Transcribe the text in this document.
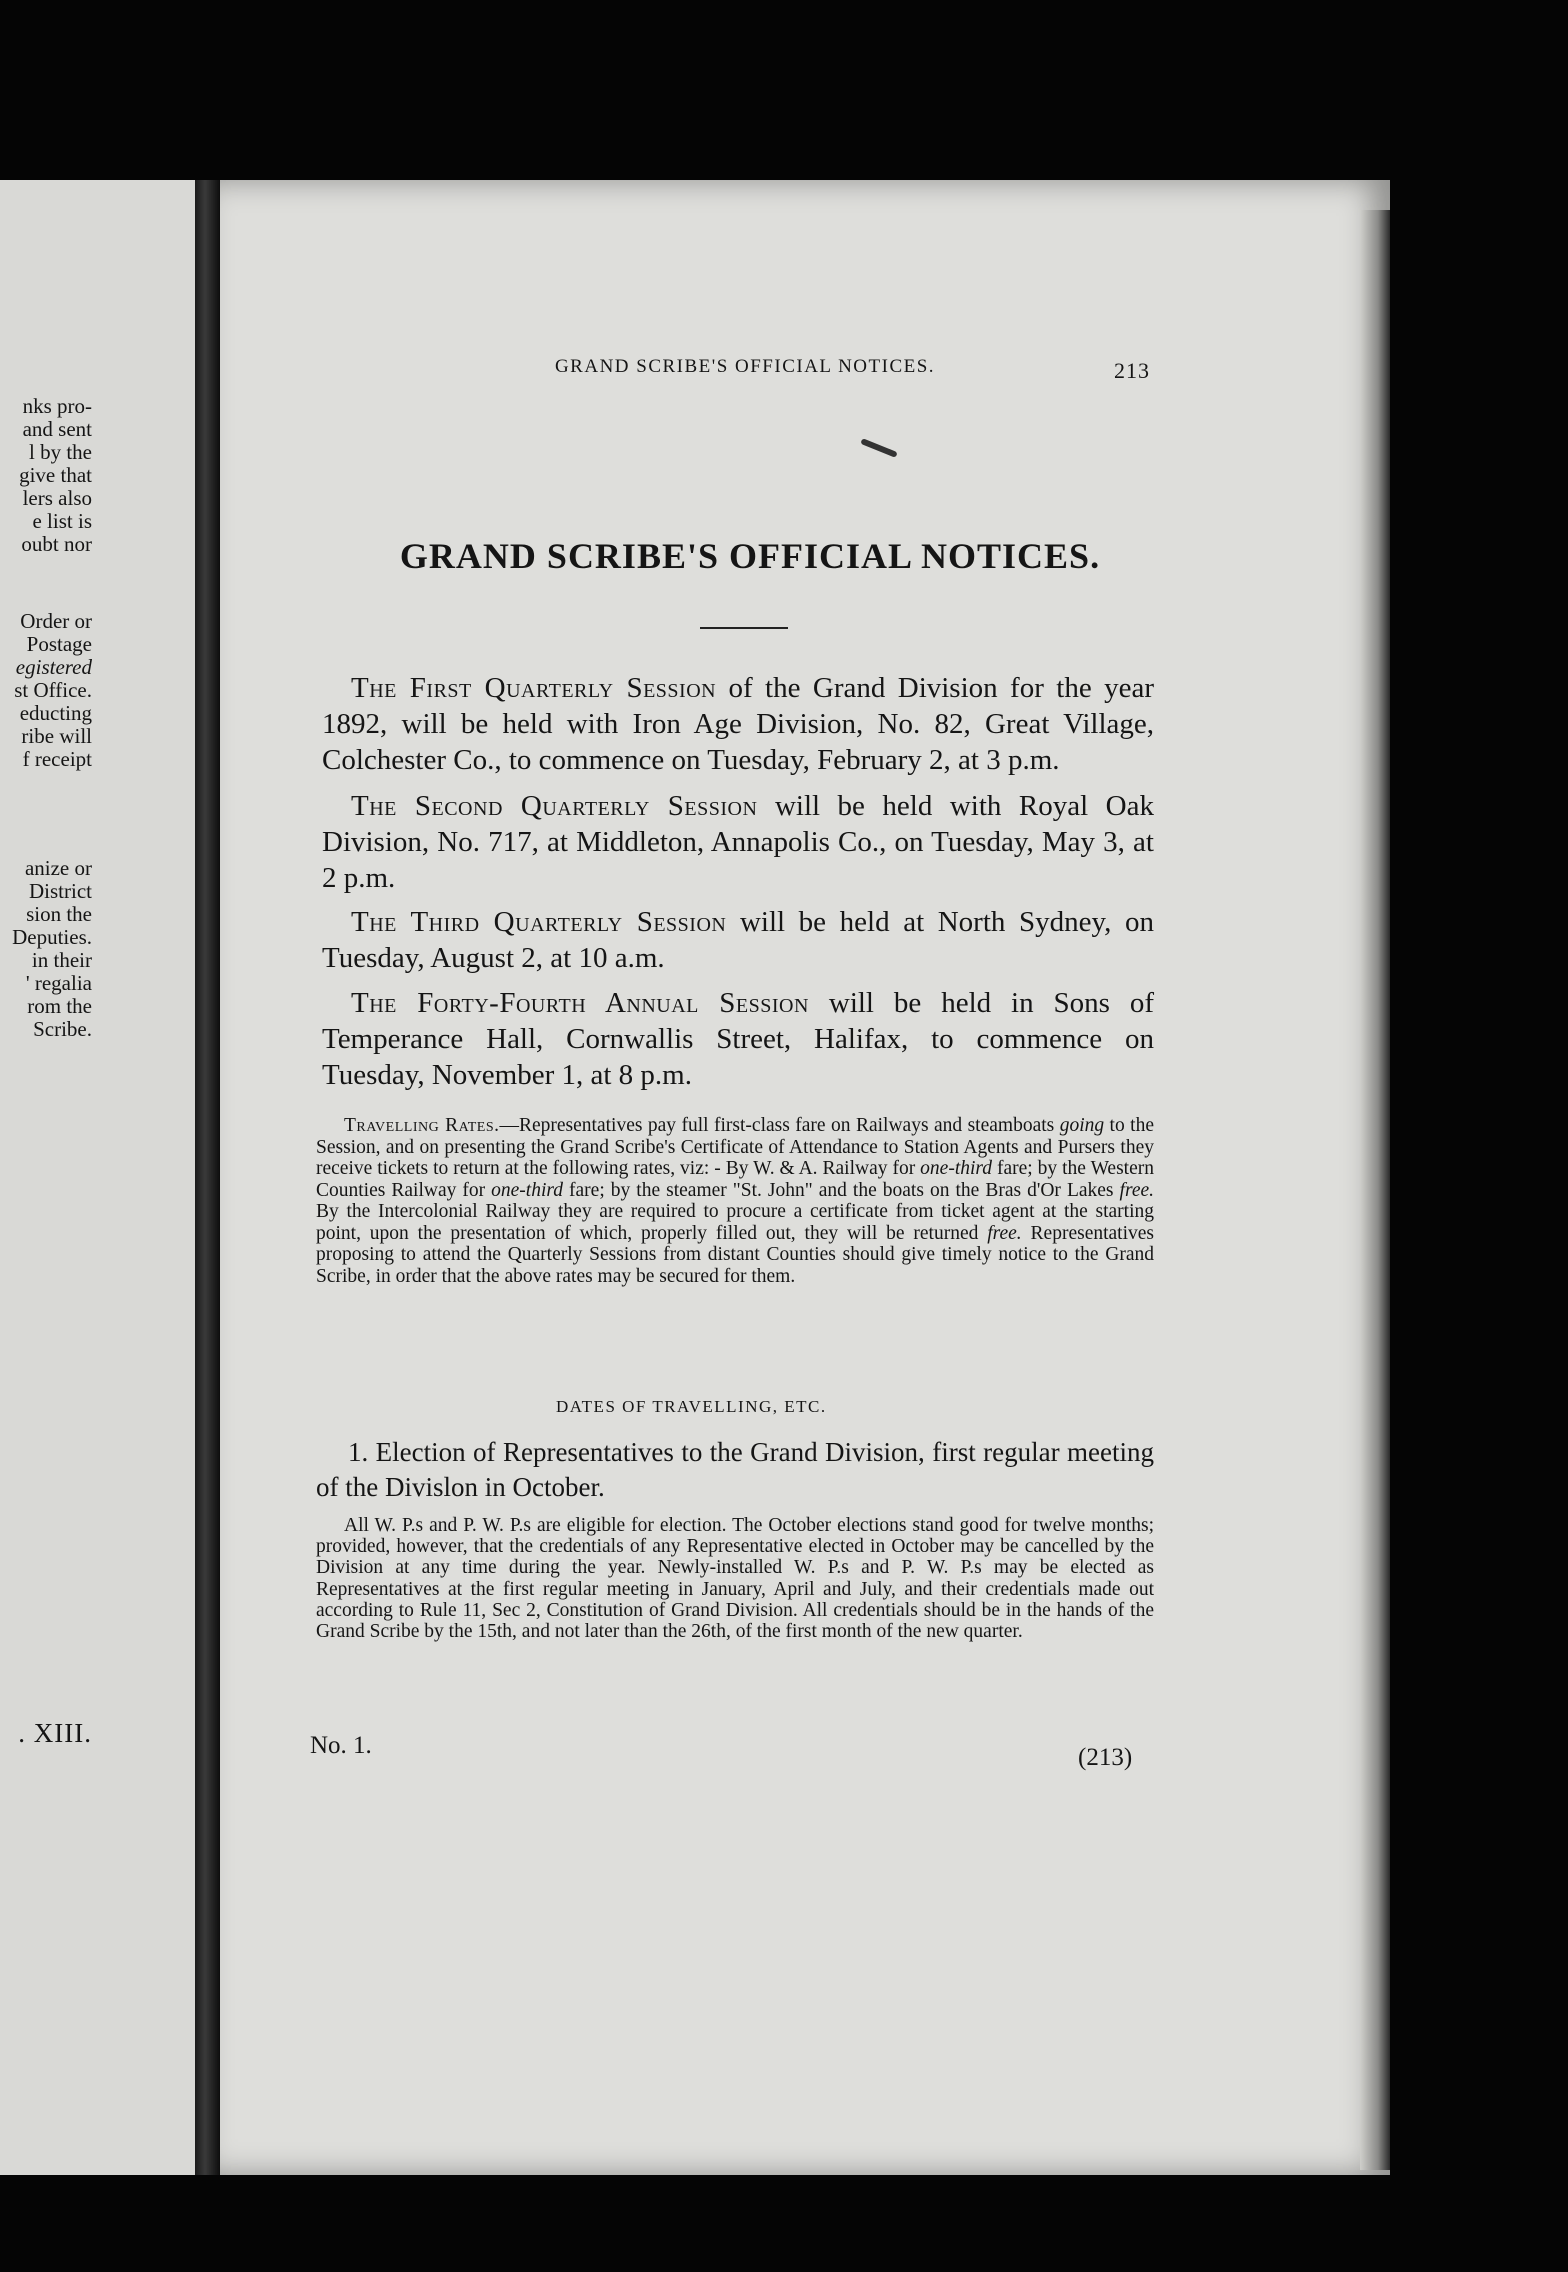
nks pro-
and sent
l by the
give that
lers also
e list is
oubt nor
Order or
Postage
egistered
st Office.
educting
ribe will
f receipt
anize or
District
sion the
Deputies.
in their
' regalia
rom the
Scribe.
. XIII.
GRAND SCRIBE'S OFFICIAL NOTICES.	213
GRAND SCRIBE'S OFFICIAL NOTICES.
The First Quarterly Session of the Grand Division for the year 1892, will be held with Iron Age Division, No. 82, Great Village, Colchester Co., to commence on Tuesday, February 2, at 3 p.m.
The Second Quarterly Session will be held with Royal Oak Division, No. 717, at Middleton, Annapolis Co., on Tuesday, May 3, at 2 p.m.
The Third Quarterly Session will be held at North Sydney, on Tuesday, August 2, at 10 a.m.
The Forty-Fourth Annual Session will be held in Sons of Temperance Hall, Cornwallis Street, Halifax, to commence on Tuesday, November 1, at 8 p.m.
Travelling Rates.—Representatives pay full first-class fare on Railways and steamboats going to the Session, and on presenting the Grand Scribe's Certificate of Attendance to Station Agents and Pursers they receive tickets to return at the following rates, viz: - By W. & A. Railway for one-third fare; by the Western Counties Railway for one-third fare; by the steamer "St. John" and the boats on the Bras d'Or Lakes free. By the Intercolonial Railway they are required to procure a certificate from ticket agent at the starting point, upon the presentation of which, properly filled out, they will be returned free. Representatives proposing to attend the Quarterly Sessions from distant Counties should give timely notice to the Grand Scribe, in order that the above rates may be secured for them.
DATES OF TRAVELLING, ETC.
1. Election of Representatives to the Grand Division, first regular meeting of the Divislon in October.
All W. P.s and P. W. P.s are eligible for election. The October elections stand good for twelve months; provided, however, that the credentials of any Representative elected in October may be cancelled by the Division at any time during the year. Newly-installed W. P.s and P. W. P.s may be elected as Representatives at the first regular meeting in January, April and July, and their credentials made out according to Rule 11, Sec 2, Constitution of Grand Division. All credentials should be in the hands of the Grand Scribe by the 15th, and not later than the 26th, of the first month of the new quarter.
No. 1.	(213)
